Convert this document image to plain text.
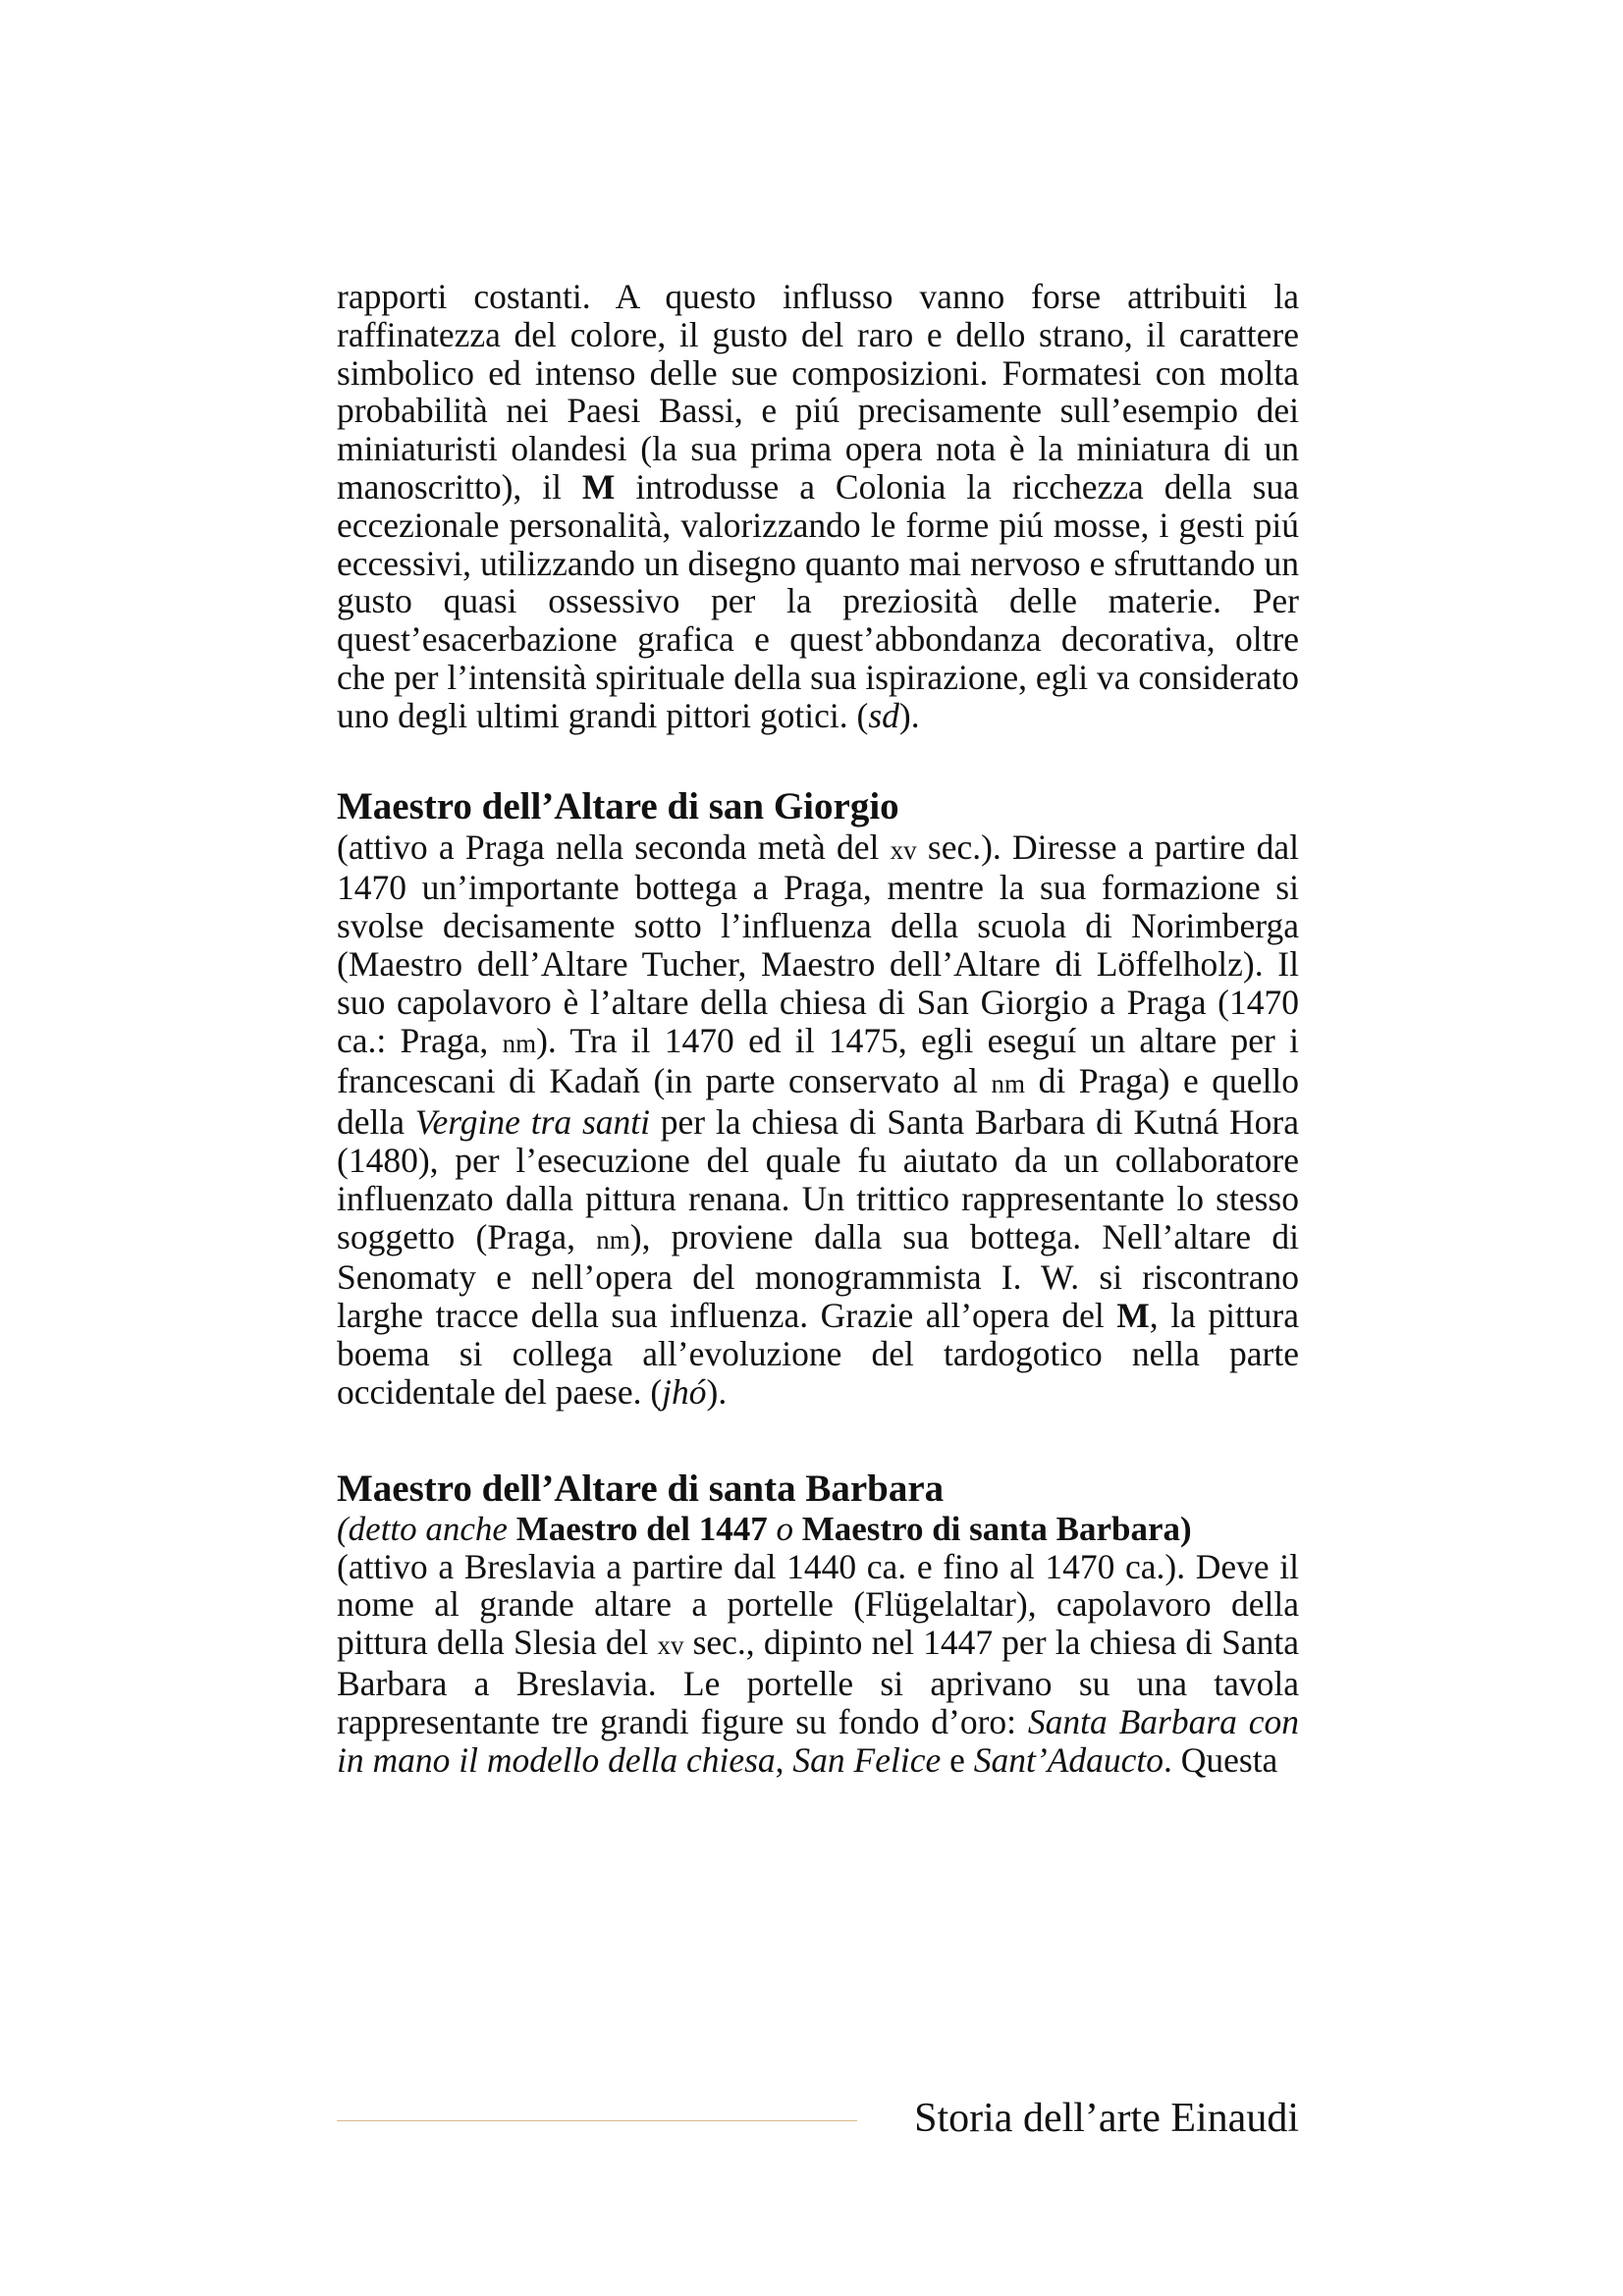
rapporti costanti. A questo influsso vanno forse attribuiti la raffinatezza del colore, il gusto del raro e dello strano, il carattere simbolico ed intenso delle sue composizioni. Formatesi con molta probabilità nei Paesi Bassi, e piú precisamente sull’esempio dei miniaturisti olandesi (la sua prima opera nota è la miniatura di un manoscritto), il M introdusse a Colonia la ricchezza della sua eccezionale personalità, valorizzando le forme piú mosse, i gesti piú eccessivi, utilizzando un disegno quanto mai nervoso e sfruttando un gusto quasi ossessivo per la preziosità delle materie. Per quest’esacerbazione grafica e quest’abbondanza decorativa, oltre che per l’intensità spirituale della sua ispirazione, egli va considerato uno degli ultimi grandi pittori gotici. (sd).

Maestro dell’Altare di san Giorgio

(attivo a Praga nella seconda metà del xv sec.). Diresse a partire dal 1470 un’importante bottega a Praga, mentre la sua formazione si svolse decisamente sotto l’influenza della scuola di Norimberga (Maestro dell’Altare Tucher, Maestro dell’Altare di Löffelholz). Il suo capolavoro è l’altare della chiesa di San Giorgio a Praga (1470 ca.: Praga, nm). Tra il 1470 ed il 1475, egli eseguí un altare per i francescani di Kadaň (in parte conservato al nm di Praga) e quello della Vergine tra santi per la chiesa di Santa Barbara di Kutná Hora (1480), per l’esecuzione del quale fu aiutato da un collaboratore influenzato dalla pittura renana. Un trittico rappresentante lo stesso soggetto (Praga, nm), proviene dalla sua bottega. Nell’altare di Senomaty e nell’opera del monogrammista I. W. si riscontrano larghe tracce della sua influenza. Grazie all’opera del M, la pittura boema si collega all’evoluzione del tardogotico nella parte occidentale del paese. (jhó).

Maestro dell’Altare di santa Barbara

(detto anche Maestro del 1447 o Maestro di santa Barbara)

(attivo a Breslavia a partire dal 1440 ca. e fino al 1470 ca.). Deve il nome al grande altare a portelle (Flügelaltar), capolavoro della pittura della Slesia del xv sec., dipinto nel 1447 per la chiesa di Santa Barbara a Breslavia. Le portelle si aprivano su una tavola rappresentante tre grandi figure su fondo d’oro: Santa Barbara con in mano il modello della chiesa, San Felice e Sant’Adaucto. Questa

Storia dell’arte Einaudi
